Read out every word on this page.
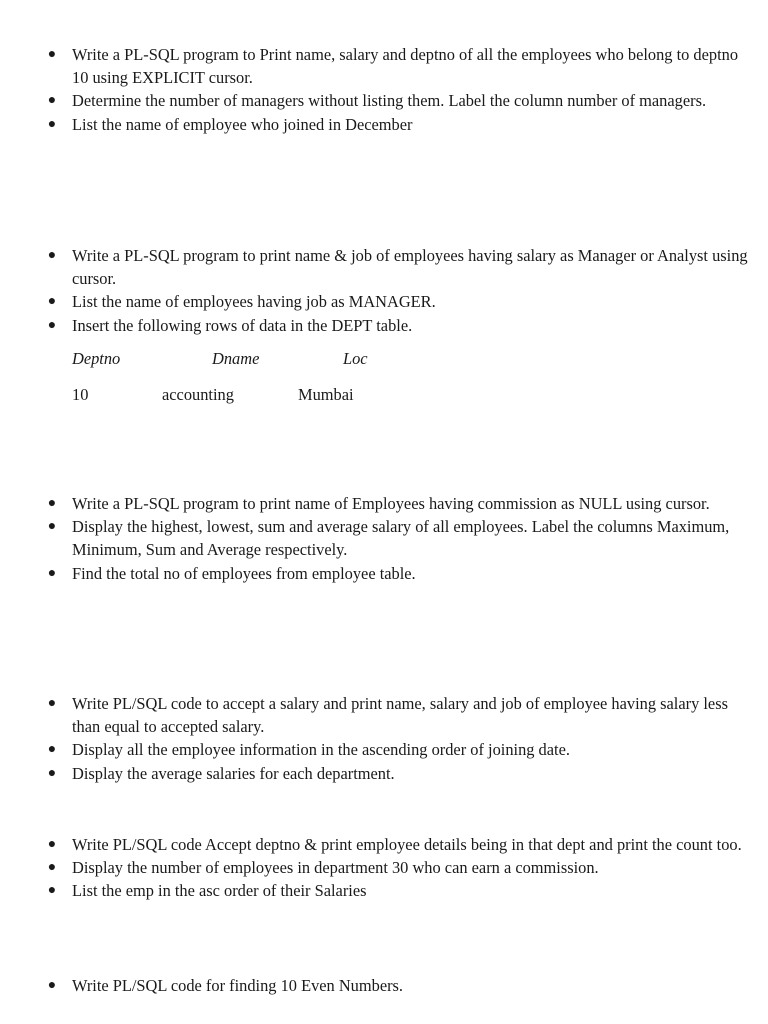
● Write a PL-SQL program to Print name, salary and deptno of all the employees who belong to deptno 10 using EXPLICIT cursor.
● Determine the number of managers without listing them. Label the column number of managers.
● List the name of employee who joined in December
● Write a PL-SQL program to print name & job of employees having salary as Manager or Analyst using cursor.
● List the name of employees having job as MANAGER.
● Insert the following rows of data in the DEPT table.
Deptno	Dname	Loc
10	accounting	Mumbai
● Write a PL-SQL program to print name of Employees having commission as NULL using cursor.
● Display the highest, lowest, sum and average salary of all employees. Label the columns Maximum, Minimum, Sum and Average respectively.
● Find the total no of employees from employee table.
● Write PL/SQL code to accept a salary and print name, salary and job of employee having salary less than equal to accepted salary.
● Display all the employee information in the ascending order of joining date.
● Display the average salaries for each department.
● Write PL/SQL code Accept deptno & print employee details being in that dept and print the count too.
● Display the number of employees in department 30 who can earn a commission.
● List the emp in the asc order of their Salaries
● Write PL/SQL code for finding 10 Even Numbers.
